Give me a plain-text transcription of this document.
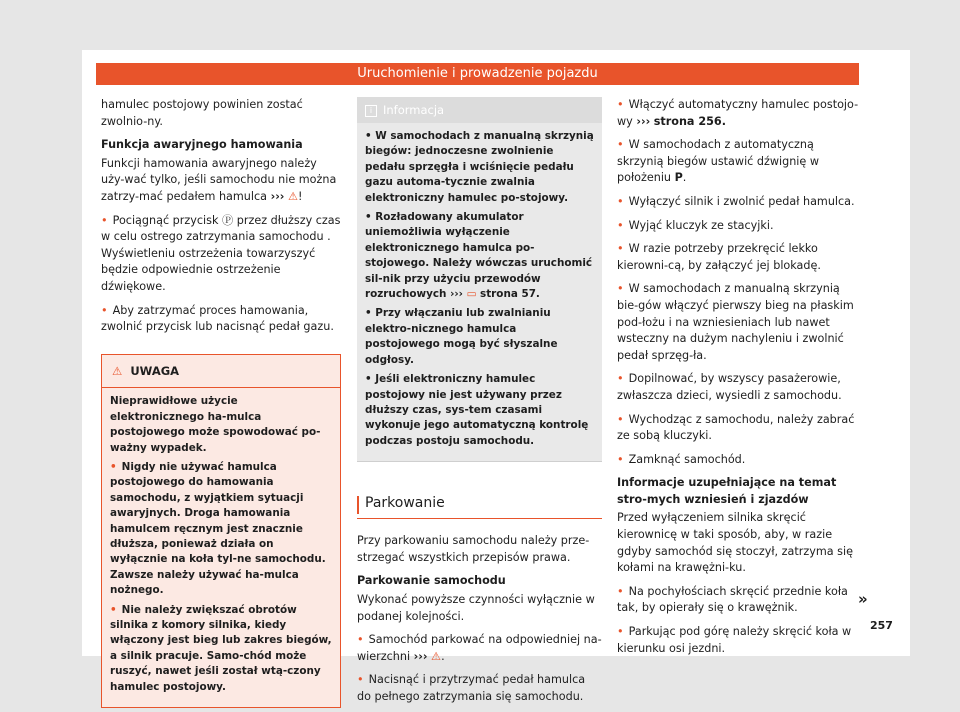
Uruchomienie i prowadzenie pojazdu

hamulec postojowy powinien zostać zwolnio-ny.

Funkcja awaryjnego hamowania

Funkcji hamowania awaryjnego należy uży-wać tylko, jeśli samochodu nie można zatrzy-mać pedałem hamulca ››› ⚠!

• Pociągnąć przycisk Ⓟ przez dłuższy czas w celu ostrego zatrzymania samochodu . Wyświetleniu ostrzeżenia towarzyszyć będzie odpowiednie ostrzeżenie dźwiękowe.

• Aby zatrzymać proces hamowania, zwolnić przycisk lub nacisnąć pedał gazu.

⚠ UWAGA

Nieprawidłowe użycie elektronicznego ha-mulca postojowego może spowodować po-ważny wypadek.

• Nigdy nie używać hamulca postojowego do hamowania samochodu, z wyjątkiem sytuacji awaryjnych. Droga hamowania hamulcem ręcznym jest znacznie dłuższa, ponieważ działa on wyłącznie na koła tyl-ne samochodu. Zawsze należy używać ha-mulca nożnego.

• Nie należy zwiększać obrotów silnika z komory silnika, kiedy włączony jest bieg lub zakres biegów, a silnik pracuje. Samo-chód może ruszyć, nawet jeśli został wtą-czony hamulec postojowy.

i Informacja

• W samochodach z manualną skrzynią biegów: jednoczesne zwolnienie pedału sprzęgła i wciśnięcie pedału gazu automa-tycznie zwalnia elektroniczny hamulec po-stojowy.

• Rozładowany akumulator uniemożliwia wyłączenie elektronicznego hamulca po-stojowego. Należy wówczas uruchomić sil-nik przy użyciu przewodów rozruchowych ››› ▭ strona 57.

• Przy włączaniu lub zwalnianiu elektro-nicznego hamulca postojowego mogą być słyszalne odgłosy.

• Jeśli elektroniczny hamulec postojowy nie jest używany przez dłuższy czas, sys-tem czasami wykonuje jego automatyczną kontrolę podczas postoju samochodu.

Parkowanie

Przy parkowaniu samochodu należy prze-strzegać wszystkich przepisów prawa.

Parkowanie samochodu

Wykonać powyższe czynności wyłącznie w podanej kolejności.

• Samochód parkować na odpowiedniej na-wierzchni ››› ⚠.

• Nacisnąć i przytrzymać pedał hamulca do pełnego zatrzymania się samochodu.

• Włączyć automatyczny hamulec postojo-wy ››› strona 256.

• W samochodach z automatyczną skrzynią biegów ustawić dźwignię w położeniu P.

• Wyłączyć silnik i zwolnić pedał hamulca.

• Wyjąć kluczyk ze stacyjki.

• W razie potrzeby przekręcić lekko kierowni-cą, by załączyć jej blokadę.

• W samochodach z manualną skrzynią bie-gów włączyć pierwszy bieg na płaskim pod-łożu i na wzniesieniach lub nawet wsteczny na dużym nachyleniu i zwolnić pedał sprzęg-ła.

• Dopilnować, by wszyscy pasażerowie, zwłaszcza dzieci, wysiedli z samochodu.

• Wychodząc z samochodu, należy zabrać ze sobą kluczyki.

• Zamknąć samochód.

Informacje uzupełniające na temat stro-mych wzniesień i zjazdów

Przed wyłączeniem silnika skręcić kierownicę w taki sposób, aby, w razie gdyby samochód się stoczył, zatrzyma się kołami na krawężni-ku.

• Na pochyłościach skręcić przednie koła tak, by opierały się o krawężnik.

• Parkując pod górę należy skręcić koła w kierunku osi jezdni.

»
257
